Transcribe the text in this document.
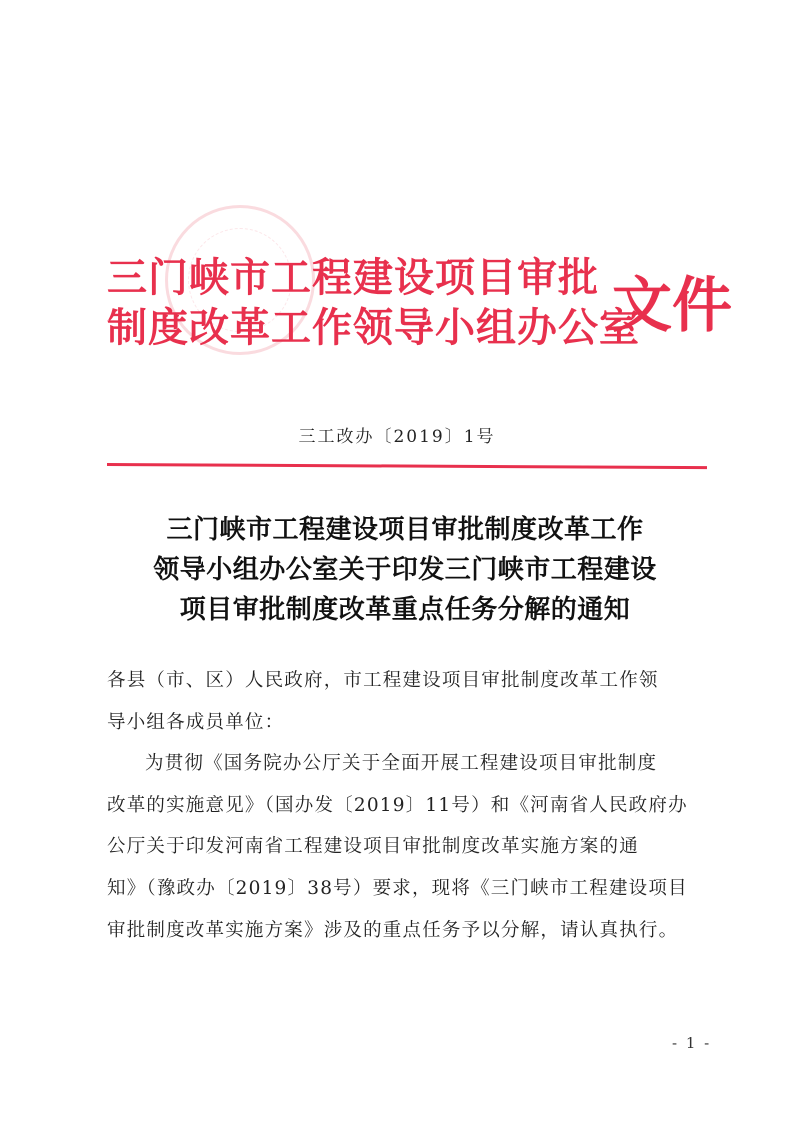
三门峡市工程建设项目审批
制度改革工作领导小组办公室
文件
三工改办〔2019〕1号
三门峡市工程建设项目审批制度改革工作
领导小组办公室关于印发三门峡市工程建设
项目审批制度改革重点任务分解的通知
各县（市、区）人民政府，市工程建设项目审批制度改革工作领
导小组各成员单位：
为贯彻《国务院办公厅关于全面开展工程建设项目审批制度
改革的实施意见》（国办发〔2019〕11号）和《河南省人民政府办
公厅关于印发河南省工程建设项目审批制度改革实施方案的通
知》（豫政办〔2019〕38号）要求，现将《三门峡市工程建设项目
审批制度改革实施方案》涉及的重点任务予以分解，请认真执行。
- 1 -
